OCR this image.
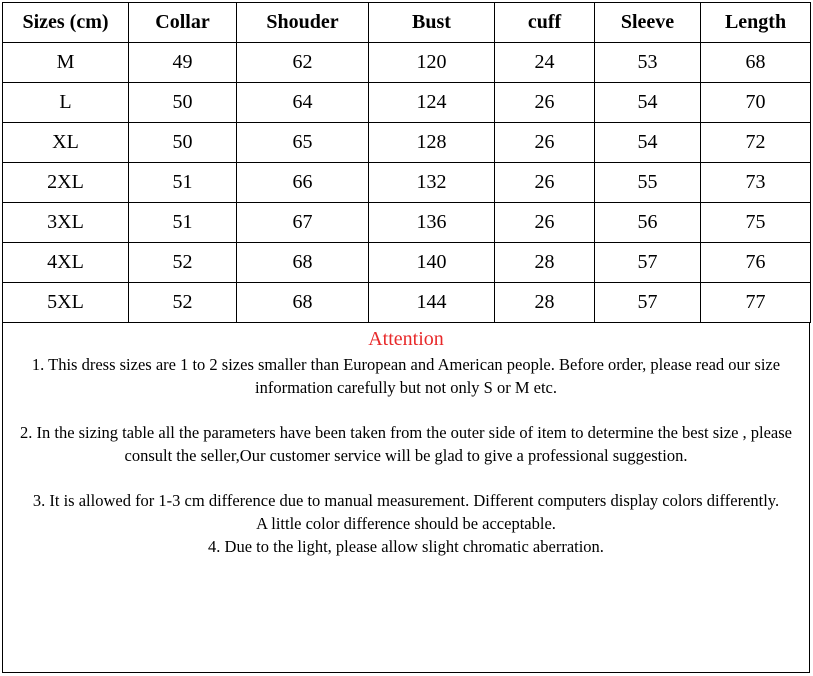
Sizes (cm)	Collar	Shouder	Bust	cuff	Sleeve	Length
M	49	62	120	24	53	68
L	50	64	124	26	54	70
XL	50	65	128	26	54	72
2XL	51	66	132	26	55	73
3XL	51	67	136	26	56	75
4XL	52	68	140	28	57	76
5XL	52	68	144	28	57	77
Attention

1. This dress sizes are 1 to 2 sizes smaller than European and American people. Before order, please read our size information carefully but not only S or M etc.

2. In the sizing table all the parameters have been taken from the outer side of item to determine the best size , please consult the seller,Our customer service will be glad to give a professional suggestion.

3. It is allowed for 1-3 cm difference due to manual measurement. Different computers display colors differently. A little color difference should be acceptable.

4. Due to the light, please allow slight chromatic aberration.
